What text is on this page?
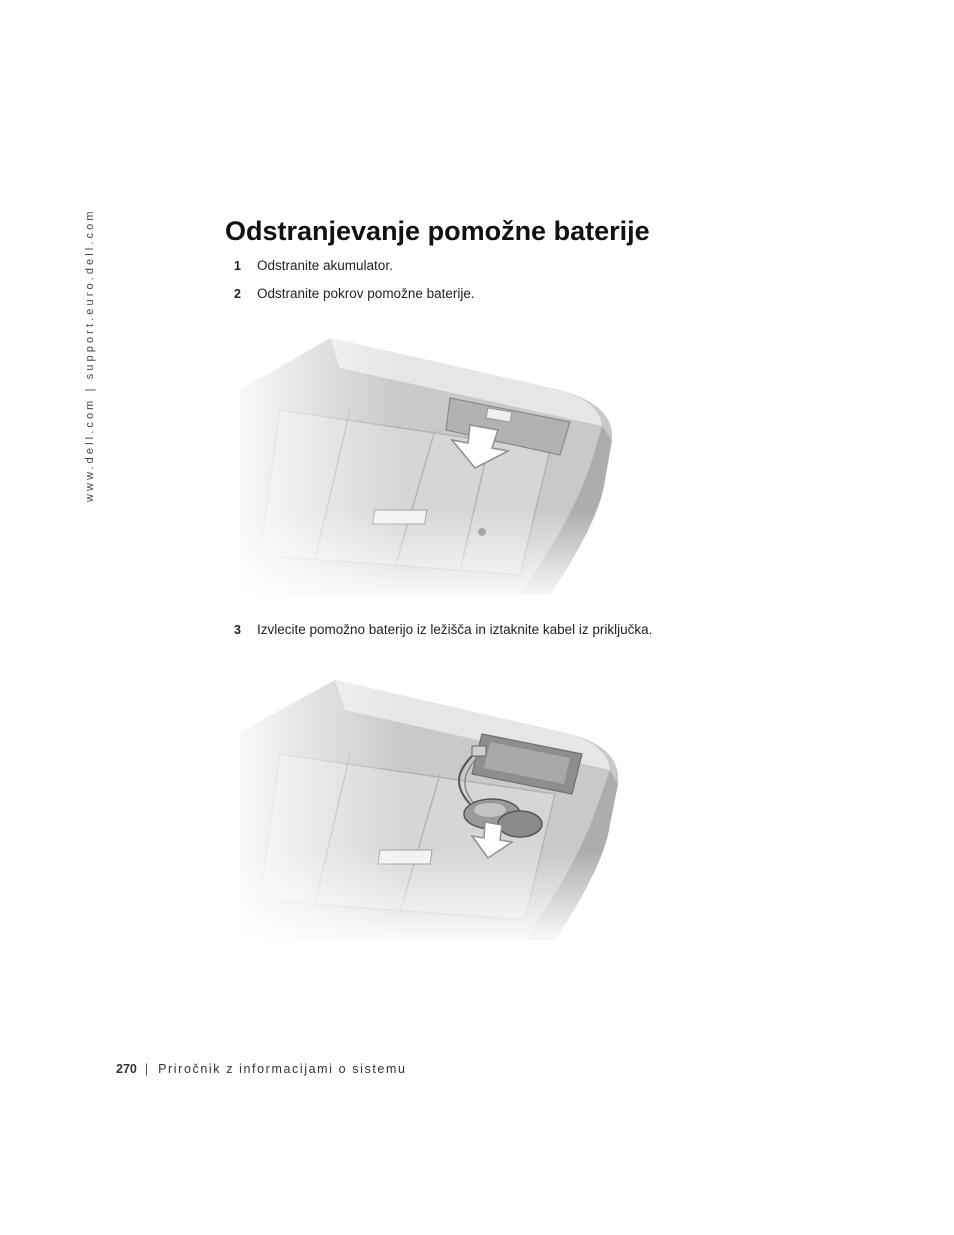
www.dell.com | support.euro.dell.com	Odstranjevanje pomožne baterije
1 Odstranite akumulator.
2 Odstranite pokrov pomožne baterije.
3 Izvlecite pomožno baterijo iz ležišča in iztaknite kabel iz priključka.
270 | Priročnik z informacijami o sistemu
